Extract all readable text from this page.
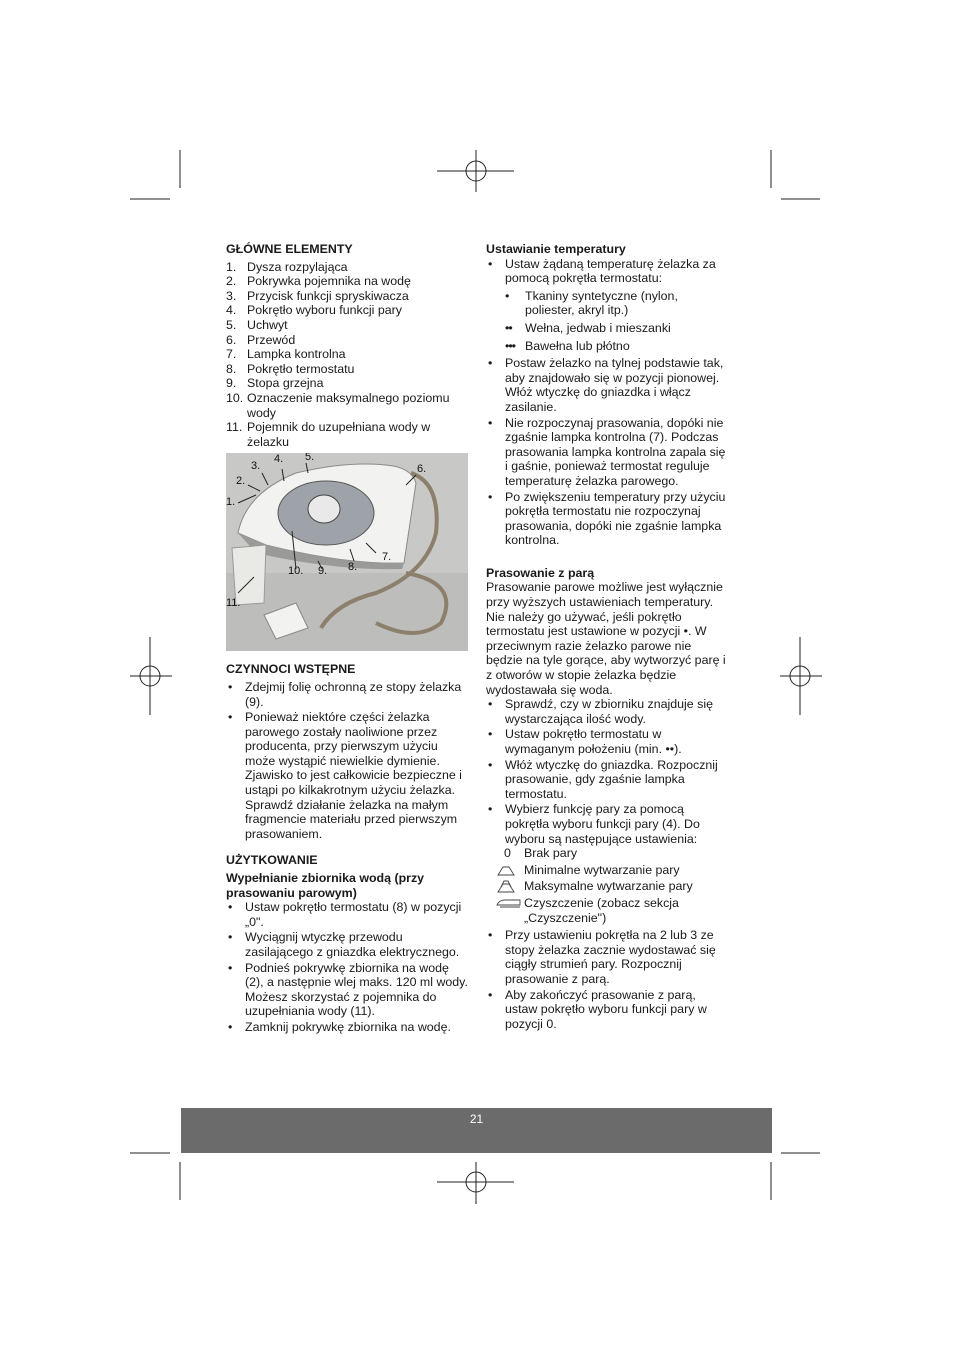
GŁÓWNE ELEMENTY
1. Dysza rozpylająca
2. Pokrywka pojemnika na wodę
3. Przycisk funkcji spryskiwacza
4. Pokrętło wyboru funkcji pary
5. Uchwyt
6. Przewód
7. Lampka kontrolna
8. Pokrętło termostatu
9. Stopa grzejna
10. Oznaczenie maksymalnego poziomu wody
11. Pojemnik do uzupełniana wody w żelazku
1.
2.
3.
4. 5.
6.
7.
8.
9.
10.
11.
CZYNNOCI WSTĘPNE
• Zdejmij folię ochronną ze stopy żelazka (9).
• Ponieważ niektóre części żelazka parowego zostały naoliwione przez producenta, przy pierwszym użyciu może wystąpić niewielkie dymienie. Zjawisko to jest całkowicie bezpieczne i ustąpi po kilkakrotnym użyciu żelazka. Sprawdź działanie żelazka na małym fragmencie materiału przed pierwszym prasowaniem.
UŻYTKOWANIE
Wypełnianie zbiornika wodą (przy prasowaniu parowym)
• Ustaw pokrętło termostatu (8) w pozycji „0".
• Wyciągnij wtyczkę przewodu zasilającego z gniazdka elektrycznego.
• Podnieś pokrywkę zbiornika na wodę (2), a następnie wlej maks. 120 ml wody. Możesz skorzystać z pojemnika do uzupełniania wody (11).
• Zamknij pokrywkę zbiornika na wodę.
Ustawianie temperatury
• Ustaw żądaną temperaturę żelazka za pomocą pokrętła termostatu:
• Tkaniny syntetyczne (nylon, poliester, akryl itp.)
•• Wełna, jedwab i mieszanki
••• Bawełna lub płótno
• Postaw żelazko na tylnej podstawie tak, aby znajdowało się w pozycji pionowej. Włóż wtyczkę do gniazdka i włącz zasilanie.
• Nie rozpoczynaj prasowania, dopóki nie zgaśnie lampka kontrolna (7). Podczas prasowania lampka kontrolna zapala się i gaśnie, ponieważ termostat reguluje temperaturę żelazka parowego.
• Po zwiększeniu temperatury przy użyciu pokrętła termostatu nie rozpoczynaj prasowania, dopóki nie zgaśnie lampka kontrolna.
Prasowanie z parą

Prasowanie parowe możliwe jest wyłącznie przy wyższych ustawieniach temperatury. Nie należy go używać, jeśli pokrętło termostatu jest ustawione w pozycji •. W przeciwnym razie żelazko parowe nie będzie na tyle gorące, aby wytworzyć parę i z otworów w stopie żelazka będzie wydostawała się woda.

• Sprawdź, czy w zbiorniku znajduje się wystarczająca ilość wody.
• Ustaw pokrętło termostatu w wymaganym położeniu (min. ••).
• Włóż wtyczkę do gniazdka. Rozpocznij prasowanie, gdy zgaśnie lampka termostatu.
• Wybierz funkcję pary za pomocą pokrętła wyboru funkcji pary (4). Do wyboru są następujące ustawienia:
0 Brak pary
Minimalne wytwarzanie pary
Maksymalne wytwarzanie pary
Czyszczenie (zobacz sekcja „Czyszczenie")
• Przy ustawieniu pokrętła na 2 lub 3 ze stopy żelazka zacznie wydostawać się ciągły strumień pary. Rozpocznij prasowanie z parą.
• Aby zakończyć prasowanie z parą, ustaw pokrętło wyboru funkcji pary w pozycji 0.
21
